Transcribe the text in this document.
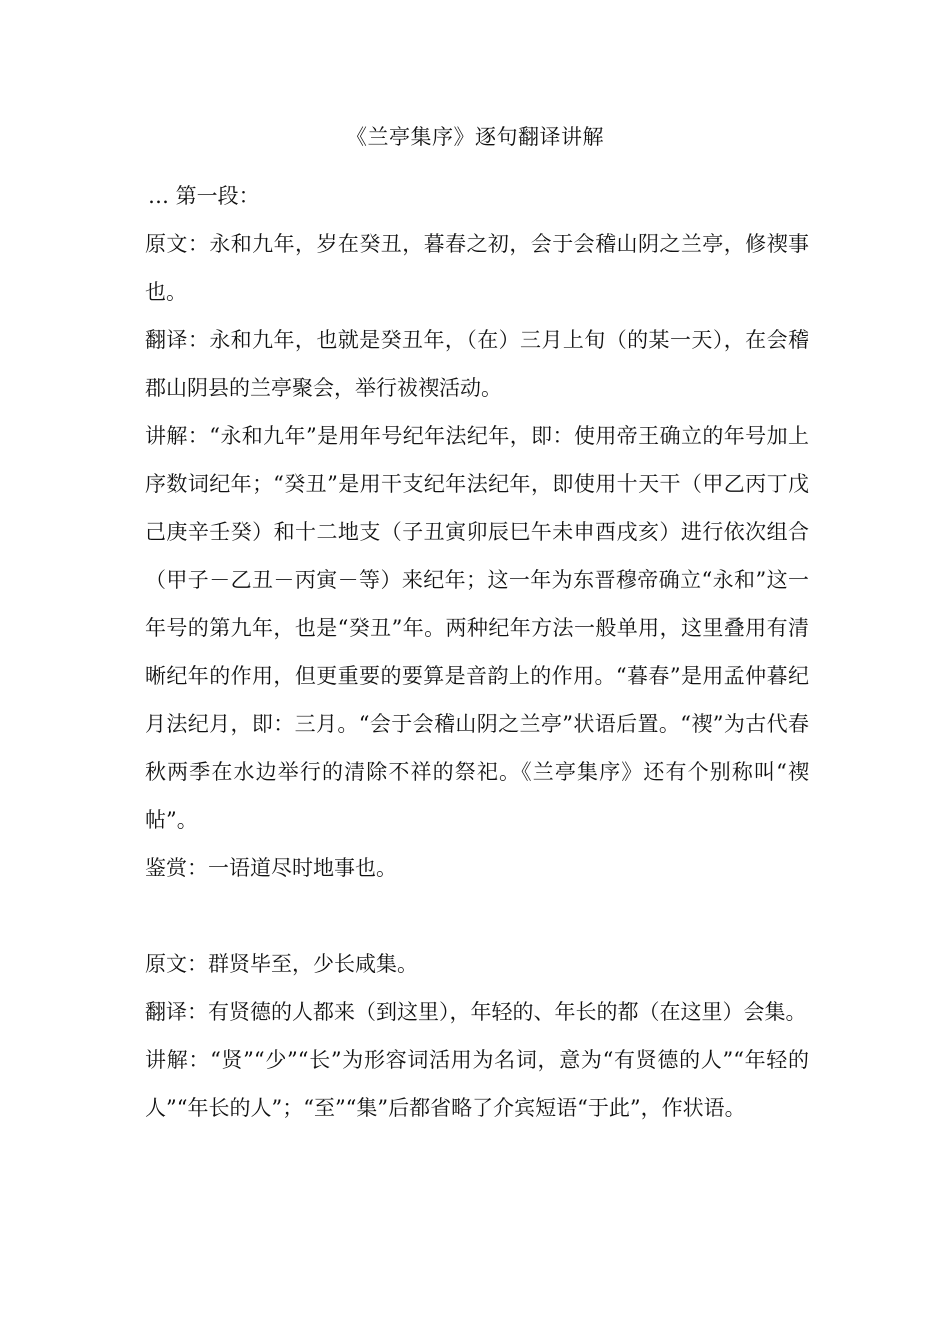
《兰亭集序》逐句翻译讲解

… 第一段：

原文：永和九年，岁在癸丑，暮春之初，会于会稽山阴之兰亭，修禊事也。

翻译：永和九年，也就是癸丑年，（在）三月上旬（的某一天），在会稽郡山阴县的兰亭聚会，举行祓禊活动。

讲解：“永和九年”是用年号纪年法纪年，即：使用帝王确立的年号加上序数词纪年；“癸丑”是用干支纪年法纪年，即使用十天干（甲乙丙丁戊己庚辛壬癸）和十二地支（子丑寅卯辰巳午未申酉戌亥）进行依次组合（甲子－乙丑－丙寅－等）来纪年；这一年为东晋穆帝确立“永和”这一年号的第九年，也是“癸丑”年。两种纪年方法一般单用，这里叠用有清晰纪年的作用，但更重要的要算是音韵上的作用。“暮春”是用孟仲暮纪月法纪月，即：三月。“会于会稽山阴之兰亭”状语后置。“禊”为古代春秋两季在水边举行的清除不祥的祭祀。《兰亭集序》还有个别称叫“禊帖”。

鉴赏：一语道尽时地事也。

原文：群贤毕至，少长咸集。

翻译：有贤德的人都来（到这里），年轻的、年长的都（在这里）会集。

讲解：“贤”“少”“长”为形容词活用为名词，意为“有贤德的人”“年轻的人”“年长的人”；“至”“集”后都省略了介宾短语“于此”，作状语。
